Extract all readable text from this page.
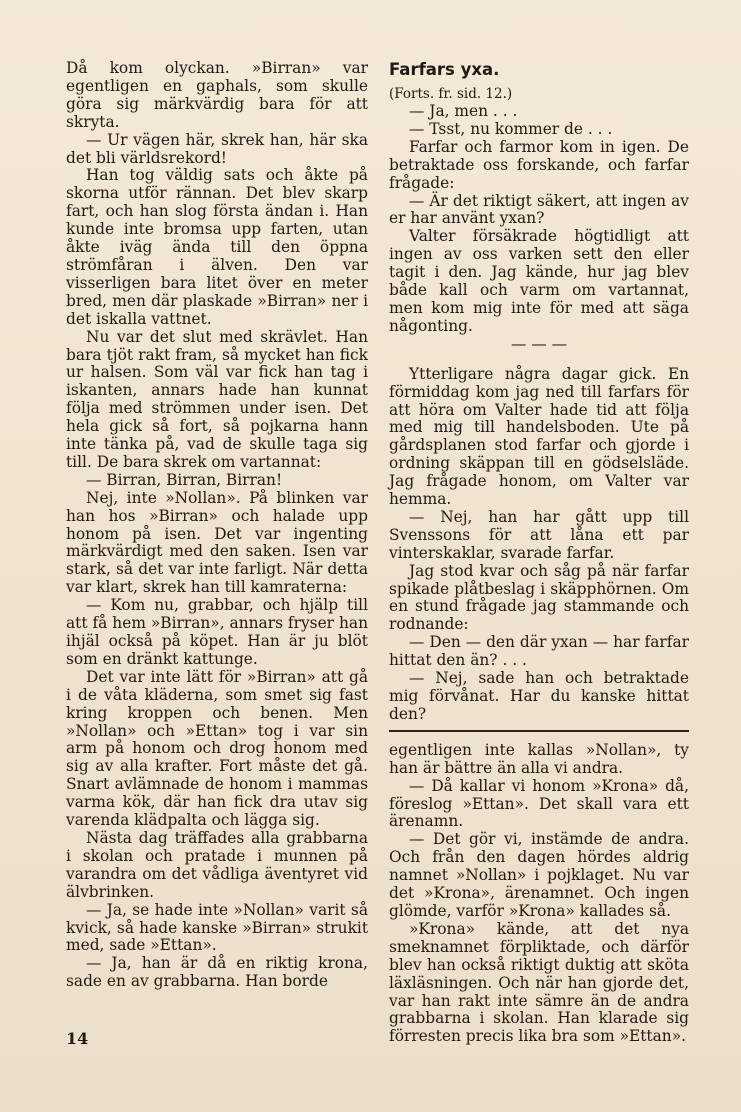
Då kom olyckan. »Birran» var egentligen en gaphals, som skulle göra sig märkvärdig bara för att skryta.

— Ur vägen här, skrek han, här ska det bli världsrekord!

Han tog väldig sats och åkte på skorna utför rännan. Det blev skarp fart, och han slog första ändan i. Han kunde inte bromsa upp farten, utan åkte iväg ända till den öppna strömfåran i älven. Den var visserligen bara litet över en meter bred, men där plaskade »Birran» ner i det iskalla vattnet.

Nu var det slut med skrävlet. Han bara tjöt rakt fram, så mycket han fick ur halsen. Som väl var fick han tag i iskanten, annars hade han kunnat följa med strömmen under isen. Det hela gick så fort, så pojkarna hann inte tänka på, vad de skulle taga sig till. De bara skrek om vartannat:

— Birran, Birran, Birran!

Nej, inte »Nollan». På blinken var han hos »Birran» och halade upp honom på isen. Det var ingenting märkvärdigt med den saken. Isen var stark, så det var inte farligt. När detta var klart, skrek han till kamraterna:

— Kom nu, grabbar, och hjälp till att få hem »Birran», annars fryser han ihjäl också på köpet. Han är ju blöt som en dränkt kattunge.

Det var inte lätt för »Birran» att gå i de våta kläderna, som smet sig fast kring kroppen och benen. Men »Nollan» och »Ettan» tog i var sin arm på honom och drog honom med sig av alla krafter. Fort måste det gå. Snart avlämnade de honom i mammas varma kök, där han fick dra utav sig varenda klädpalta och lägga sig.

Nästa dag träffades alla grabbarna i skolan och pratade i munnen på varandra om det vådliga äventyret vid älvbrinken.

— Ja, se hade inte »Nollan» varit så kvick, så hade kanske »Birran» strukit med, sade »Ettan».

— Ja, han är då en riktig krona, sade en av grabbarna. Han borde

Farfars yxa.

(Forts. fr. sid. 12.)

— Ja, men . . .

— Tsst, nu kommer de . . .

Farfar och farmor kom in igen. De betraktade oss forskande, och farfar frågade:

— Är det riktigt säkert, att ingen av er har använt yxan?

Valter försäkrade högtidligt att ingen av oss varken sett den eller tagit i den. Jag kände, hur jag blev både kall och varm om vartannat, men kom mig inte för med att säga någonting.

— — —

Ytterligare några dagar gick. En förmiddag kom jag ned till farfars för att höra om Valter hade tid att följa med mig till handelsboden. Ute på gårdsplanen stod farfar och gjorde i ordning skäppan till en gödselsläde. Jag frågade honom, om Valter var hemma.

— Nej, han har gått upp till Svenssons för att låna ett par vinterskaklar, svarade farfar.

Jag stod kvar och såg på när farfar spikade plåtbeslag i skäpphörnen. Om en stund frågade jag stammande och rodnande:

— Den — den där yxan — har farfar hittat den än? . . .

— Nej, sade han och betraktade mig förvånat. Har du kanske hittat den?

egentligen inte kallas »Nollan», ty han är bättre än alla vi andra.

— Då kallar vi honom »Krona» då, föreslog »Ettan». Det skall vara ett ärenamn.

— Det gör vi, instämde de andra. Och från den dagen hördes aldrig namnet »Nollan» i pojklaget. Nu var det »Krona», ärenamnet. Och ingen glömde, varför »Krona» kallades så.

»Krona» kände, att det nya smeknamnet förpliktade, och därför blev han också riktigt duktig att sköta läxläsningen. Och när han gjorde det, var han rakt inte sämre än de andra grabbarna i skolan. Han klarade sig förresten precis lika bra som »Ettan».

14
